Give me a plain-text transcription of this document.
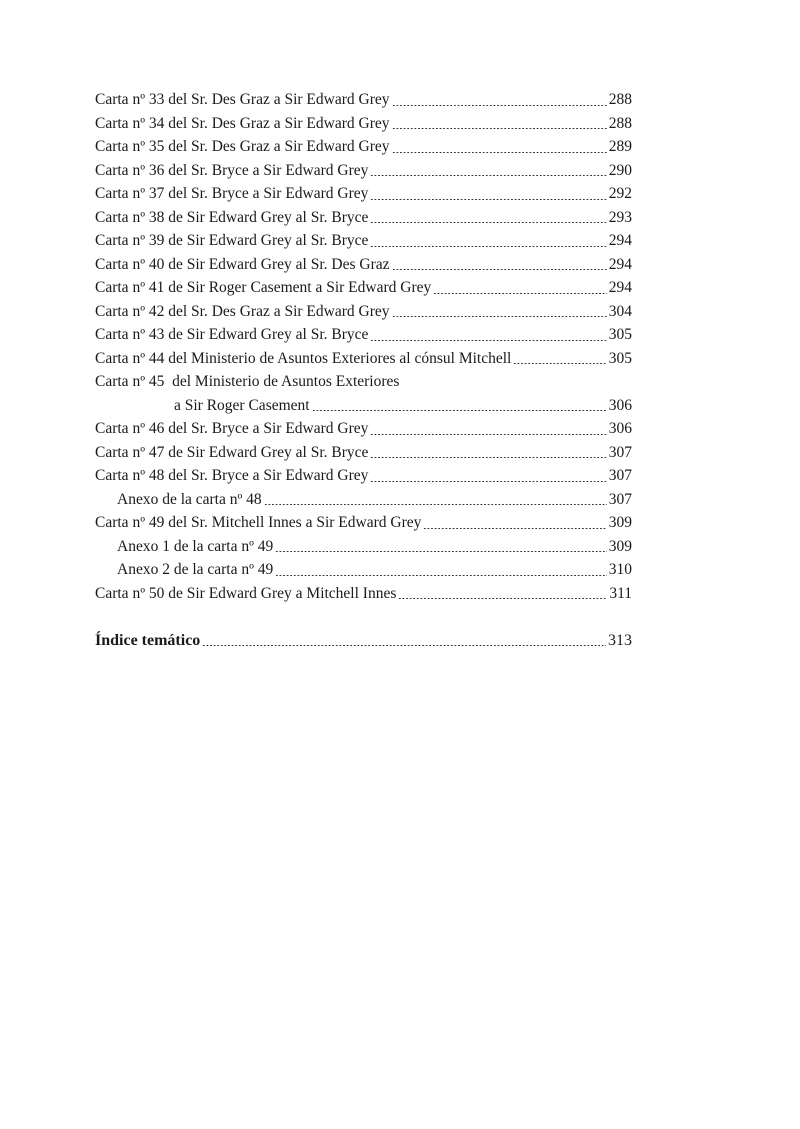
Carta nº 33 del Sr. Des Graz a Sir Edward Grey	288
Carta nº 34 del Sr. Des Graz a Sir Edward Grey	288
Carta nº 35 del Sr. Des Graz a Sir Edward Grey	289
Carta nº 36 del Sr. Bryce a Sir Edward Grey	290
Carta nº 37 del Sr. Bryce a Sir Edward Grey	292
Carta nº 38 de Sir Edward Grey al Sr. Bryce	293
Carta nº 39 de Sir Edward Grey al Sr. Bryce	294
Carta nº 40 de Sir Edward Grey al Sr. Des Graz	294
Carta nº 41 de Sir Roger Casement a Sir Edward Grey	294
Carta nº 42 del Sr. Des Graz a Sir Edward Grey	304
Carta nº 43 de Sir Edward Grey al Sr. Bryce	305
Carta nº 44 del Ministerio de Asuntos Exteriores al cónsul Mitchell	305
Carta nº 45  del Ministerio de Asuntos Exteriores
a Sir Roger Casement	306
Carta nº 46 del Sr. Bryce a Sir Edward Grey	306
Carta nº 47 de Sir Edward Grey al Sr. Bryce	307
Carta nº 48 del Sr. Bryce a Sir Edward Grey	307
Anexo de la carta nº 48	307
Carta nº 49 del Sr. Mitchell Innes a Sir Edward Grey	309
Anexo 1 de la carta nº 49	309
Anexo 2 de la carta nº 49	310
Carta nº 50 de Sir Edward Grey a Mitchell Innes	311
Índice temático	313
